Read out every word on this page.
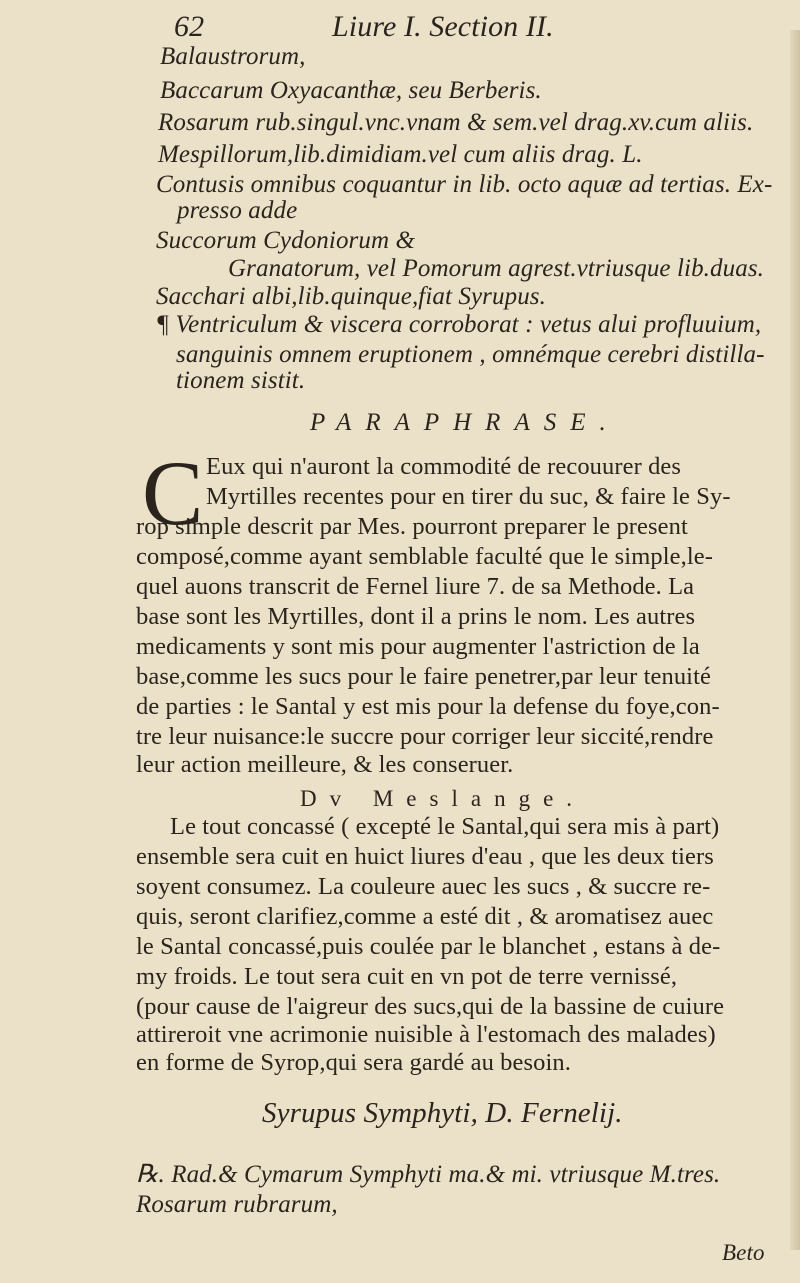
62	Liure I. Section II.
Balaustrorum,
Baccarum Oxyacanthæ, seu Berberis.
Rosarum rub.singul.vnc.vnam & sem.vel drag.xv.cum aliis.
Mespillorum,lib.dimidiam.vel cum aliis drag. L.
Contusis omnibus coquantur in lib. octo aquæ ad tertias. Ex-
presso adde
Succorum Cydoniorum &
Granatorum, vel Pomorum agrest.vtriusque lib.duas.
Sacchari albi,lib.quinque,fiat Syrupus.
¶ Ventriculum & viscera corroborat : vetus alui profluuium,
sanguinis omnem eruptionem , omnémque cerebri distilla-
tionem sistit.
PARAPHRASE.
C Eux qui n'auront la commodité de recouurer des
Myrtilles recentes pour en tirer du suc, & faire le Sy-
rop simple descrit par Mes. pourront preparer le present
composé,comme ayant semblable faculté que le simple,le-
quel auons transcrit de Fernel liure 7. de sa Methode. La
base sont les Myrtilles, dont il a prins le nom. Les autres
medicaments y sont mis pour augmenter l'astriction de la
base,comme les sucs pour le faire penetrer,par leur tenuité
de parties : le Santal y est mis pour la defense du foye,con-
tre leur nuisance:le succre pour corriger leur siccité,rendre
leur action meilleure, & les conseruer.
Dv Meslange.
Le tout concassé ( excepté le Santal,qui sera mis à part)
ensemble sera cuit en huict liures d'eau , que les deux tiers
soyent consumez. La couleure auec les sucs , & succre re-
quis, seront clarifiez,comme a esté dit , & aromatisez auec
le Santal concassé,puis coulée par le blanchet , estans à de-
my froids. Le tout sera cuit en vn pot de terre vernissé,
(pour cause de l'aigreur des sucs,qui de la bassine de cuiure
attireroit vne acrimonie nuisible à l'estomach des malades)
en forme de Syrop,qui sera gardé au besoin.
Syrupus Symphyti, D. Fernelij.
℞. Rad.& Cymarum Symphyti ma.& mi. vtriusque M.tres.
Rosarum rubrarum,
Beto
